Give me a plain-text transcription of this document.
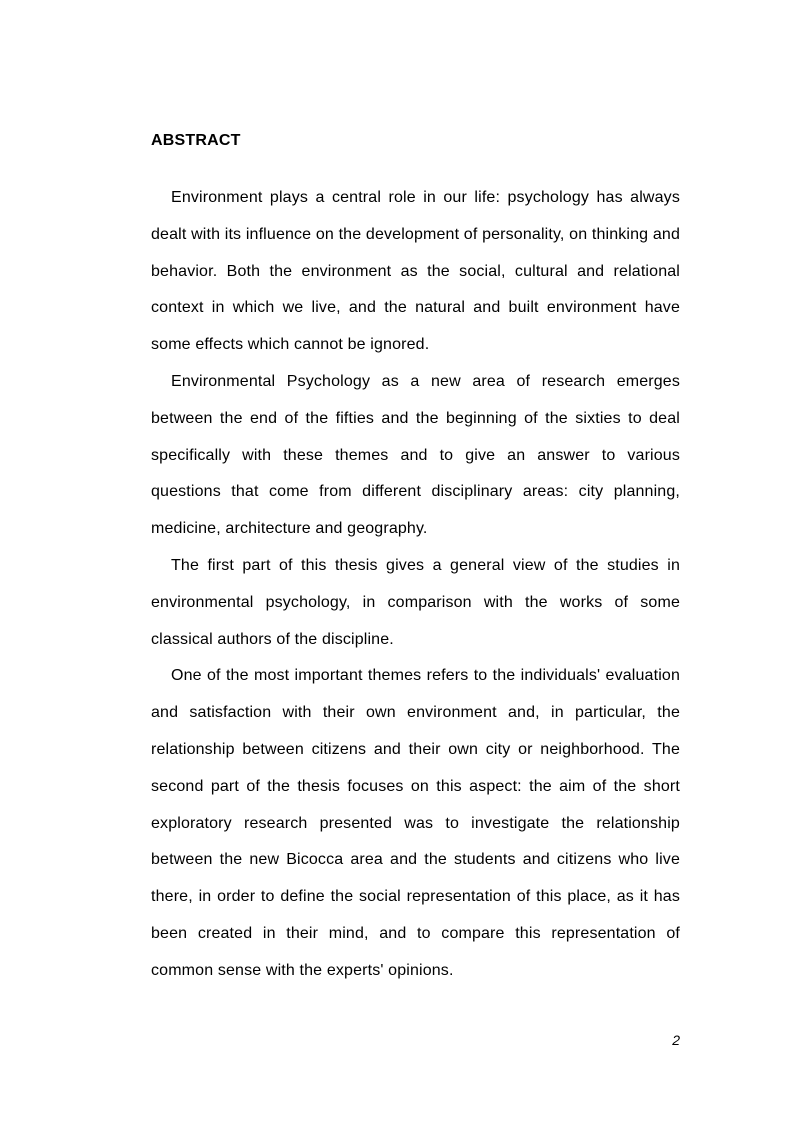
ABSTRACT

Environment plays a central role in our life: psychology has always dealt with its influence on the development of personality, on thinking and behavior. Both the environment as the social, cultural and relational context in which we live, and the natural and built environment have some effects which cannot be ignored.

Environmental Psychology as a new area of research emerges between the end of the fifties and the beginning of the sixties to deal specifically with these themes and to give an answer to various questions that come from different disciplinary areas: city planning, medicine, architecture and geography.

The first part of this thesis gives a general view of the studies in environmental psychology, in comparison with the works of some classical authors of the discipline.

One of the most important themes refers to the individuals' evaluation and satisfaction with their own environment and, in particular, the relationship between citizens and their own city or neighborhood. The second part of the thesis focuses on this aspect: the aim of the short exploratory research presented was to investigate the relationship between the new Bicocca area and the students and citizens who live there, in order to define the social representation of this place, as it has been created in their mind, and to compare this representation of common sense with the experts' opinions.

2
